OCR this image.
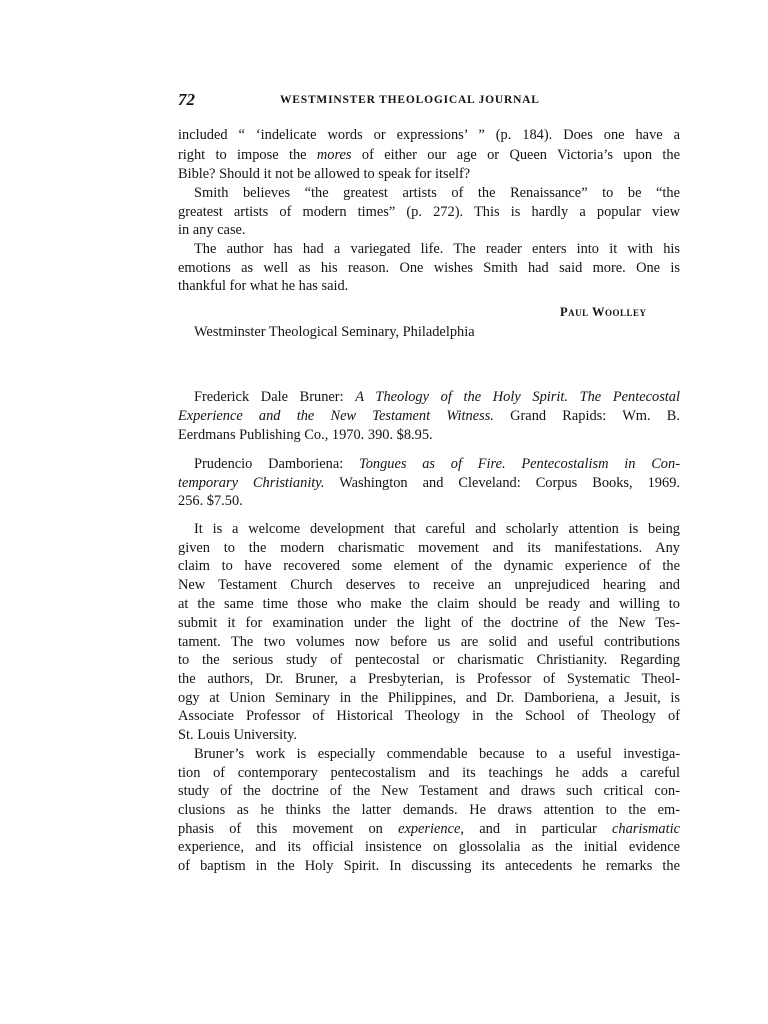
72	WESTMINSTER THEOLOGICAL JOURNAL
included “ ‘indelicate words or expressions’ ” (p. 184). Does one have a
right to impose the mores of either our age or Queen Victoria’s upon the
Bible? Should it not be allowed to speak for itself?
Smith believes “the greatest artists of the Renaissance” to be “the
greatest artists of modern times” (p. 272). This is hardly a popular view
in any case.
The author has had a variegated life. The reader enters into it with his
emotions as well as his reason. One wishes Smith had said more. One is
thankful for what he has said.
Paul Woolley
Westminster Theological Seminary, Philadelphia
Frederick Dale Bruner: A Theology of the Holy Spirit. The Pentecostal
Experience and the New Testament Witness. Grand Rapids: Wm. B.
Eerdmans Publishing Co., 1970. 390. $8.95.
Prudencio Damboriena: Tongues as of Fire. Pentecostalism in Con-
temporary Christianity. Washington and Cleveland: Corpus Books, 1969.
256. $7.50.
It is a welcome development that careful and scholarly attention is being
given to the modern charismatic movement and its manifestations. Any
claim to have recovered some element of the dynamic experience of the
New Testament Church deserves to receive an unprejudiced hearing and
at the same time those who make the claim should be ready and willing to
submit it for examination under the light of the doctrine of the New Tes-
tament. The two volumes now before us are solid and useful contributions
to the serious study of pentecostal or charismatic Christianity. Regarding
the authors, Dr. Bruner, a Presbyterian, is Professor of Systematic Theol-
ogy at Union Seminary in the Philippines, and Dr. Damboriena, a Jesuit, is
Associate Professor of Historical Theology in the School of Theology of
St. Louis University.
Bruner’s work is especially commendable because to a useful investiga-
tion of contemporary pentecostalism and its teachings he adds a careful
study of the doctrine of the New Testament and draws such critical con-
clusions as he thinks the latter demands. He draws attention to the em-
phasis of this movement on experience, and in particular charismatic
experience, and its official insistence on glossolalia as the initial evidence
of baptism in the Holy Spirit. In discussing its antecedents he remarks the
